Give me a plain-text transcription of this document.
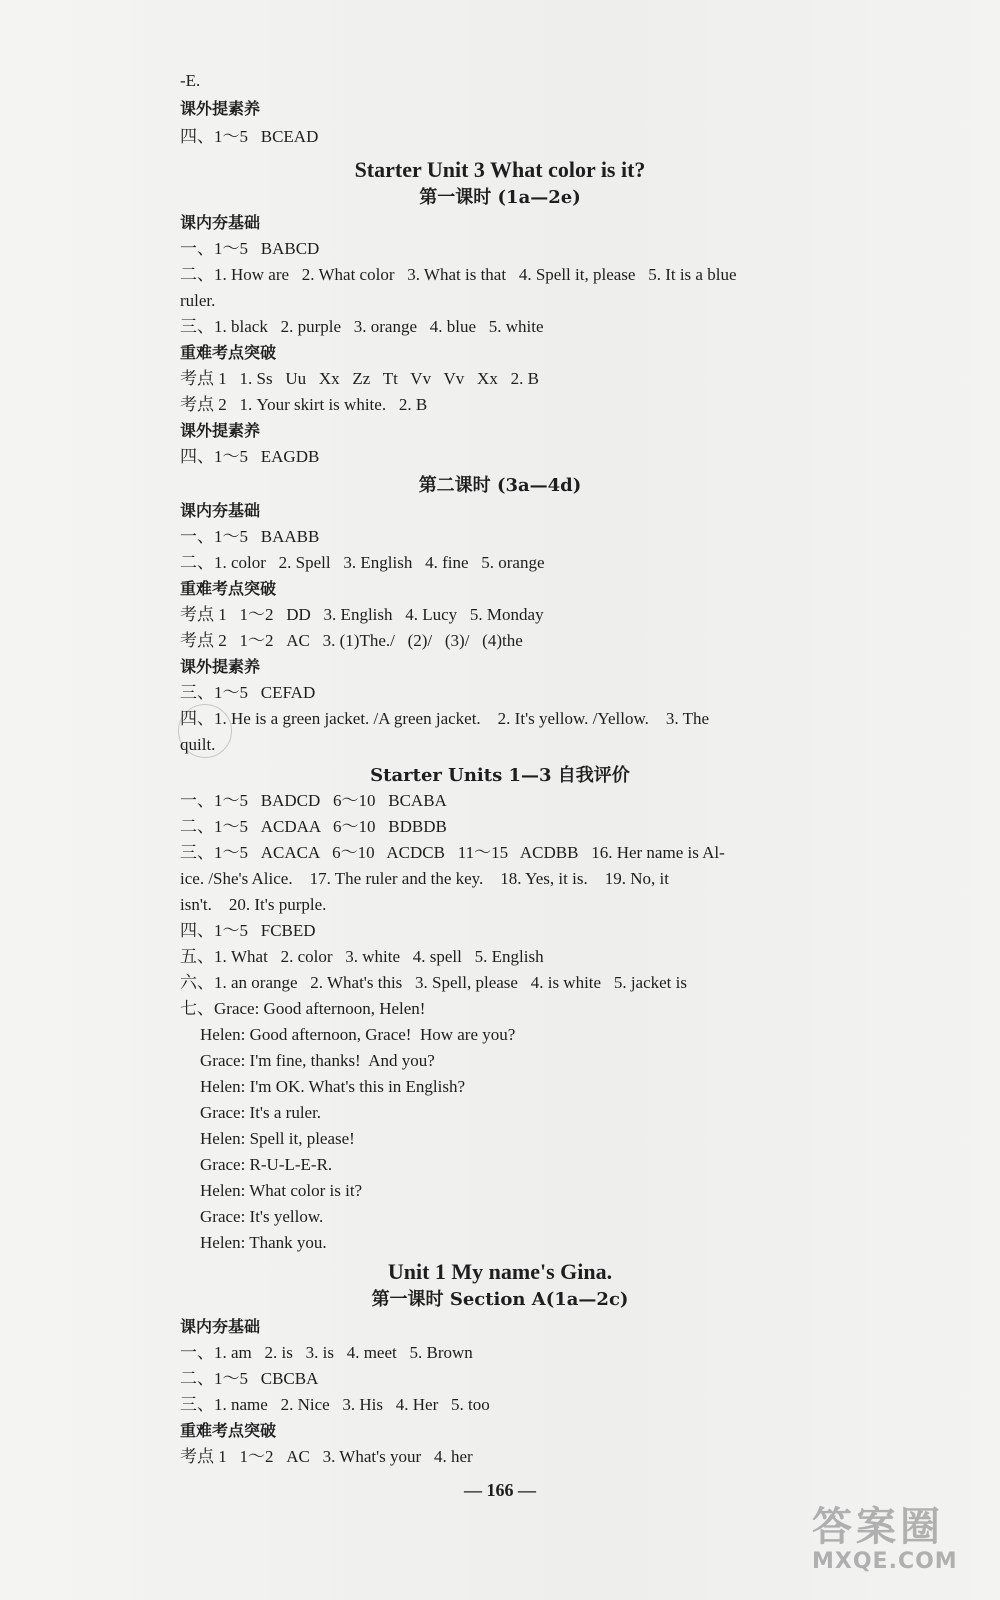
-E.
课外提素养
四、1～5   BCEAD
Starter Unit 3 What color is it?
第一课时 (1a—2e)
课内夯基础
一、1～5   BABCD
二、1. How are   2. What color   3. What is that   4. Spell it, please   5. It is a blue
ruler.
三、1. black   2. purple   3. orange   4. blue   5. white
重难考点突破
考点 1   1. Ss   Uu   Xx   Zz   Tt   Vv   Vv   Xx   2. B
考点 2   1. Your skirt is white.   2. B
课外提素养
四、1～5   EAGDB
第二课时 (3a—4d)
课内夯基础
一、1～5   BAABB
二、1. color   2. Spell   3. English   4. fine   5. orange
重难考点突破
考点 1   1～2   DD   3. English   4. Lucy   5. Monday
考点 2   1～2   AC   3. (1)The./   (2)/   (3)/   (4)the
课外提素养
三、1～5   CEFAD
四、1. He is a green jacket. /A green jacket.    2. It's yellow. /Yellow.    3. The
quilt.
Starter Units 1—3 自我评价
一、1～5   BADCD   6～10   BCABA
二、1～5   ACDAA   6～10   BDBDB
三、1～5   ACACA   6～10   ACDCB   11～15   ACDBB   16. Her name is Al-
ice. /She's Alice.    17. The ruler and the key.    18. Yes, it is.    19. No, it
isn't.    20. It's purple.
四、1～5   FCBED
五、1. What   2. color   3. white   4. spell   5. English
六、1. an orange   2. What's this   3. Spell, please   4. is white   5. jacket is
七、Grace: Good afternoon, Helen!
Helen: Good afternoon, Grace!  How are you?
Grace: I'm fine, thanks!  And you?
Helen: I'm OK. What's this in English?
Grace: It's a ruler.
Helen: Spell it, please!
Grace: R-U-L-E-R.
Helen: What color is it?
Grace: It's yellow.
Helen: Thank you.
Unit 1 My name's Gina.
第一课时 Section A(1a—2c)
课内夯基础
一、1. am   2. is   3. is   4. meet   5. Brown
二、1～5   CBCBA
三、1. name   2. Nice   3. His   4. Her   5. too
重难考点突破
考点 1   1～2   AC   3. What's your   4. her
— 166 —
答案圈
MXQE.COM
